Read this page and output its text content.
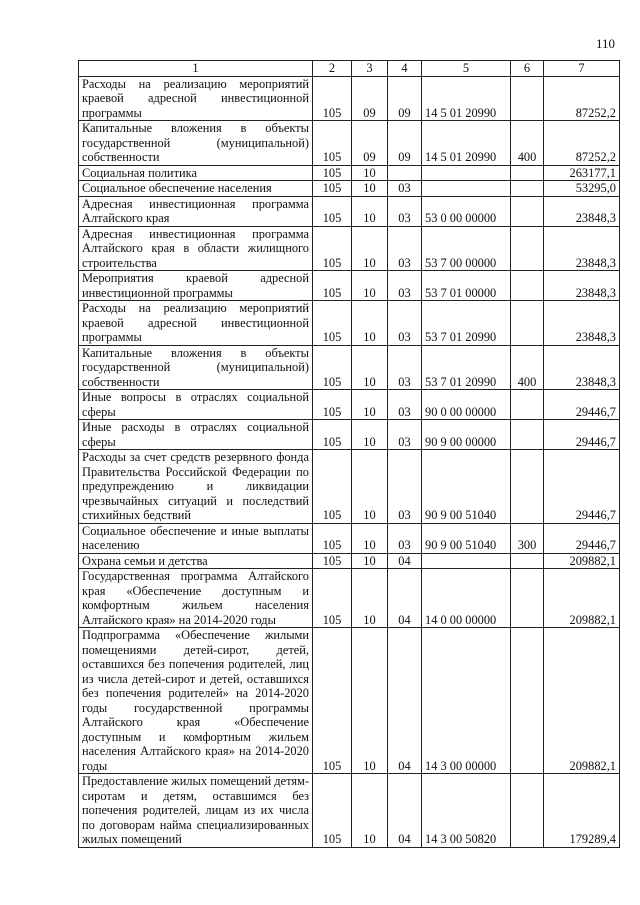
110
1	2	3	4	5	6	7
Расходы на реализацию мероприятий краевой адресной инвестиционной программы	105	09	09	14 5 01 20990		87252,2
Капитальные вложения в объекты государственной (муниципальной) собственности	105	09	09	14 5 01 20990	400	87252,2
Социальная политика	105	10				263177,1
Социальное обеспечение населения	105	10	03			53295,0
Адресная инвестиционная программа Алтайского края	105	10	03	53 0 00 00000		23848,3
Адресная инвестиционная программа Алтайского края в области жилищного строительства	105	10	03	53 7 00 00000		23848,3
Мероприятия краевой адресной инвестиционной программы	105	10	03	53 7 01 00000		23848,3
Расходы на реализацию мероприятий краевой адресной инвестиционной программы	105	10	03	53 7 01 20990		23848,3
Капитальные вложения в объекты государственной (муниципальной) собственности	105	10	03	53 7 01 20990	400	23848,3
Иные вопросы в отраслях социальной сферы	105	10	03	90 0 00 00000		29446,7
Иные расходы в отраслях социальной сферы	105	10	03	90 9 00 00000		29446,7
Расходы за счет средств резервного фонда Правительства Российской Федерации по предупреждению и ликвидации чрезвычайных ситуаций и последствий стихийных бедствий	105	10	03	90 9 00 51040		29446,7
Социальное обеспечение и иные выплаты населению	105	10	03	90 9 00 51040	300	29446,7
Охрана семьи и детства	105	10	04			209882,1
Государственная программа Алтайского края «Обеспечение доступным и комфортным жильем населения Алтайского края» на 2014-2020 годы	105	10	04	14 0 00 00000		209882,1
Подпрограмма «Обеспечение жилыми помещениями детей-сирот, детей, оставшихся без попечения родителей, лиц из числа детей-сирот и детей, оставшихся без попечения родителей» на 2014-2020 годы государственной программы Алтайского края «Обеспечение доступным и комфортным жильем населения Алтайского края» на 2014-2020 годы	105	10	04	14 3 00 00000		209882,1
Предоставление жилых помещений детям-сиротам и детям, оставшимся без попечения родителей, лицам из их числа по договорам найма специализированных жилых помещений	105	10	04	14 3 00 50820		179289,4
